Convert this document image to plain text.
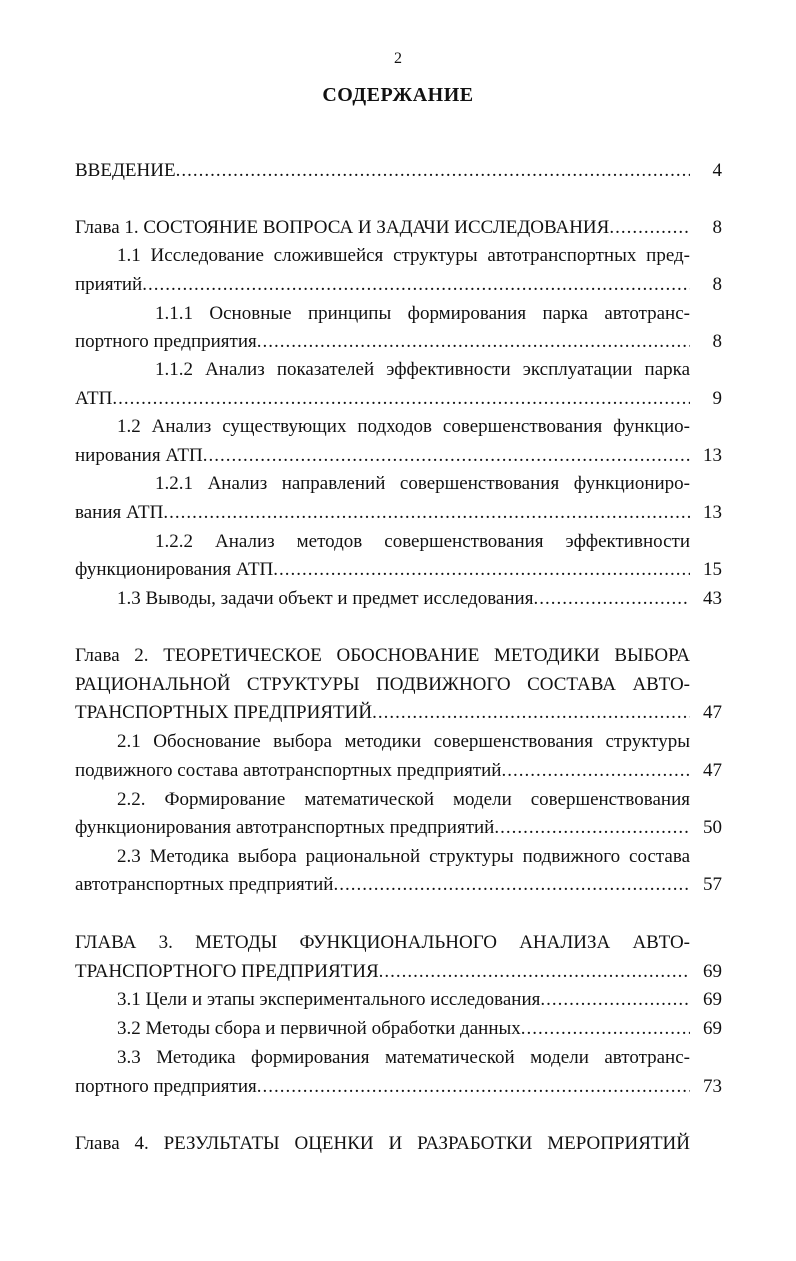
2
СОДЕРЖАНИЕ
ВВЕДЕНИЕ .....	4
Глава 1. СОСТОЯНИЕ ВОПРОСА И ЗАДАЧИ ИССЛЕДОВАНИЯ .....	8
1.1 Исследование сложившейся структуры автотранспортных пред-
приятий .....	8
1.1.1 Основные принципы формирования парка автотранс-
портного предприятия .....	8
1.1.2 Анализ показателей эффективности эксплуатации парка
АТП .....	9
1.2 Анализ существующих подходов совершенствования функцио-
нирования АТП .....	13
1.2.1 Анализ направлений совершенствования функциониро-
вания АТП .....	13
1.2.2 Анализ методов совершенствования эффективности
функционирования АТП .....	15
1.3 Выводы, задачи объект и предмет исследования .....	43
Глава 2. ТЕОРЕТИЧЕСКОЕ ОБОСНОВАНИЕ МЕТОДИКИ ВЫБОРА
РАЦИОНАЛЬНОЙ СТРУКТУРЫ ПОДВИЖНОГО СОСТАВА АВТО-
ТРАНСПОРТНЫХ ПРЕДПРИЯТИЙ .....	47
2.1 Обоснование выбора методики совершенствования структуры
подвижного состава автотранспортных предприятий .....	47
2.2. Формирование математической модели совершенствования
функционирования автотранспортных предприятий .....	50
2.3 Методика выбора рациональной структуры подвижного состава
автотранспортных предприятий .....	57
ГЛАВА 3. МЕТОДЫ ФУНКЦИОНАЛЬНОГО АНАЛИЗА АВТО-
ТРАНСПОРТНОГО ПРЕДПРИЯТИЯ .....	69
3.1 Цели и этапы экспериментального исследования .....	69
3.2 Методы сбора и первичной обработки данных .....	69
3.3 Методика формирования математической модели автотранс-
портного предприятия .....	73
Глава 4. РЕЗУЛЬТАТЫ ОЦЕНКИ И РАЗРАБОТКИ МЕРОПРИЯТИЙ
